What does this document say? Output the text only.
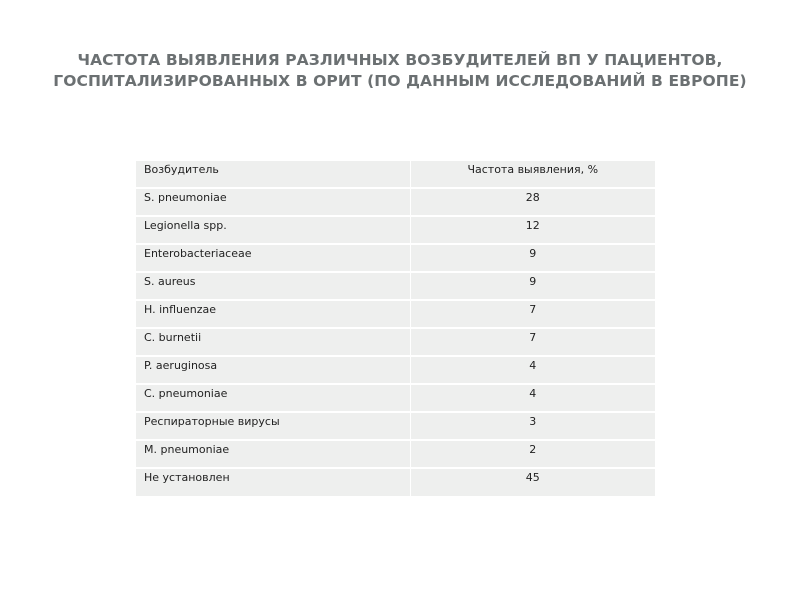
ЧАСТОТА ВЫЯВЛЕНИЯ РАЗЛИЧНЫХ ВОЗБУДИТЕЛЕЙ ВП У ПАЦИЕНТОВ,
ГОСПИТАЛИЗИРОВАННЫХ В ОРИТ (ПО ДАННЫМ ИССЛЕДОВАНИЙ В ЕВРОПЕ)
Возбудитель	Частота выявления, %
S. pneumoniae	28
Legionella spp.	12
Enterobacteriaceae	9
S. aureus	9
H. influenzae	7
C. burnetii	7
P. aeruginosa	4
C. pneumoniae	4
Респираторные вирусы	3
M. pneumoniae	2
Не установлен	45
